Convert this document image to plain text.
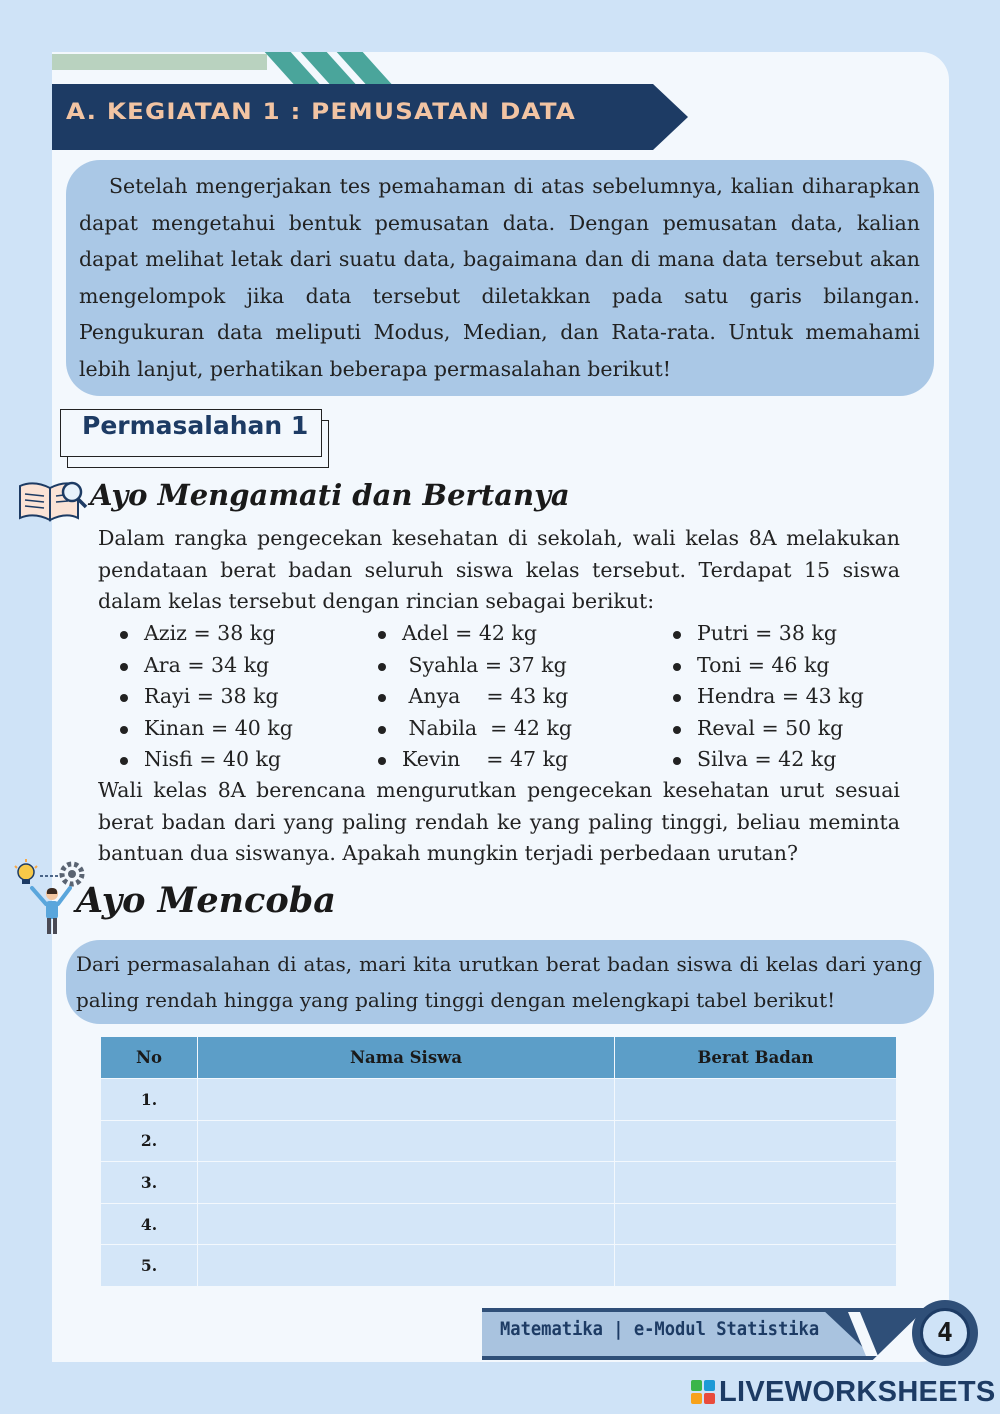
A. KEGIATAN 1 : PEMUSATAN DATA

Setelah mengerjakan tes pemahaman di atas sebelumnya, kalian diharapkan dapat mengetahui bentuk pemusatan data. Dengan pemusatan data, kalian dapat melihat letak dari suatu data, bagaimana dan di mana data tersebut akan mengelompok jika data tersebut diletakkan pada satu garis bilangan. Pengukuran data meliputi Modus, Median, dan Rata-rata. Untuk memahami lebih lanjut, perhatikan beberapa permasalahan berikut!

Permasalahan 1
Ayo Mengamati dan Bertanya
Dalam rangka pengecekan kesehatan di sekolah, wali kelas 8A melakukan pendataan berat badan seluruh siswa kelas tersebut. Terdapat 15 siswa dalam kelas tersebut dengan rincian sebagai berikut:
Aziz = 38 kg
Ara = 34 kg
Rayi = 38 kg
Kinan = 40 kg
Nisfi = 40 kg
Adel = 42 kg
Syahla = 37 kg
Anya    = 43 kg
Nabila  = 42 kg
Kevin    = 47 kg
Putri = 38 kg
Toni = 46 kg
Hendra = 43 kg
Reval = 50 kg
Silva = 42 kg
Wali kelas 8A berencana mengurutkan pengecekan kesehatan urut sesuai berat badan dari yang paling rendah ke yang paling tinggi, beliau meminta bantuan dua siswanya. Apakah mungkin terjadi perbedaan urutan?
Ayo Mencoba

Dari permasalahan di atas, mari kita urutkan berat badan siswa di kelas dari yang paling rendah hingga yang paling tinggi dengan melengkapi tabel berikut!

No	Nama Siswa	Berat Badan
1.		
2.		
3.		
4.		
5.		
Matematika | e-Modul Statistika	4
LIVEWORKSHEETS
